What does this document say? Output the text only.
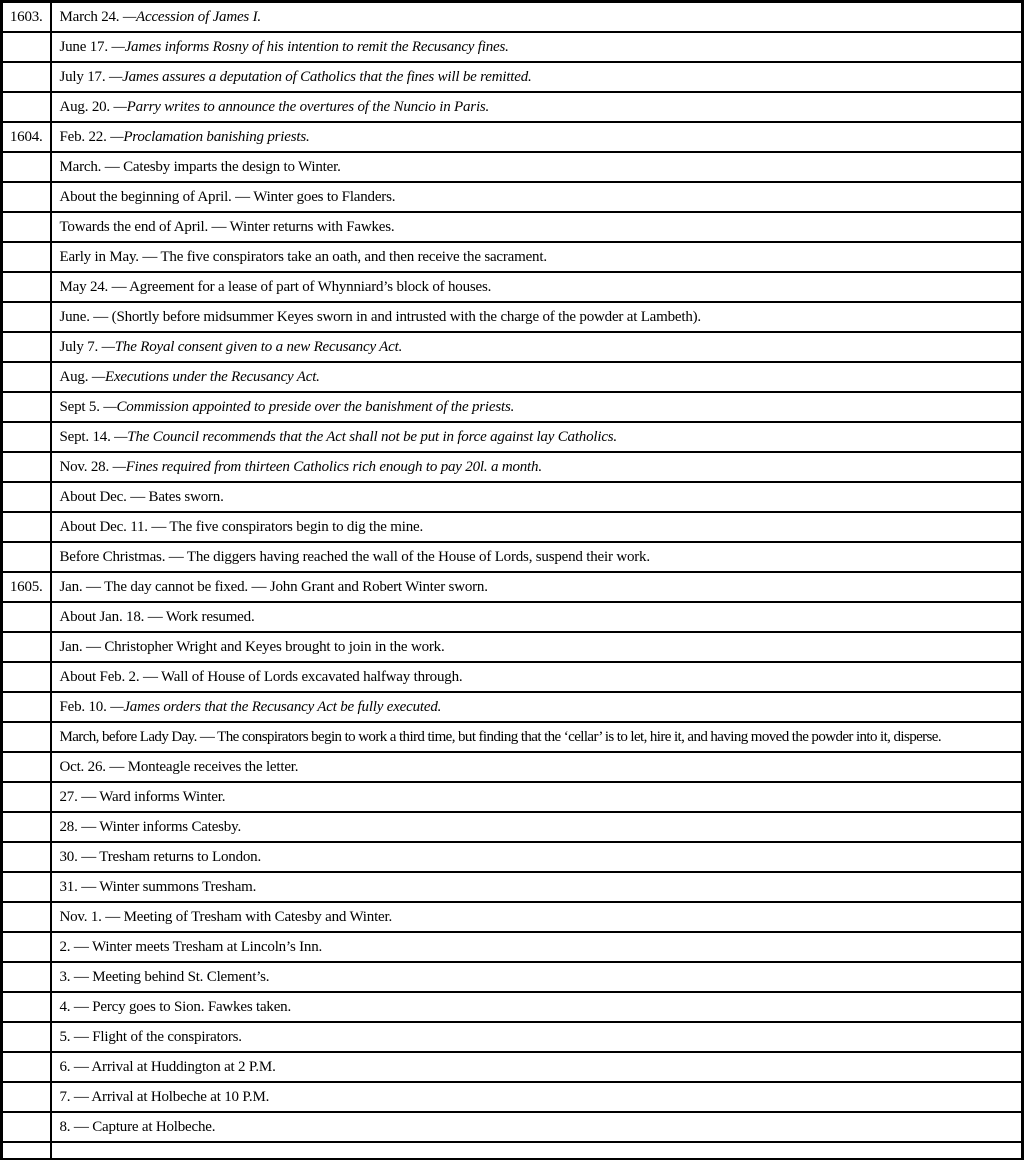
1603.	March 24. —Accession of James I.
	June 17. —James informs Rosny of his intention to remit the Recusancy fines.
	July 17. —James assures a deputation of Catholics that the fines will be remitted.
	Aug. 20. —Parry writes to announce the overtures of the Nuncio in Paris.
1604.	Feb. 22. —Proclamation banishing priests.
	March. — Catesby imparts the design to Winter.
	About the beginning of April. — Winter goes to Flanders.
	Towards the end of April. — Winter returns with Fawkes.
	Early in May. — The five conspirators take an oath, and then receive the sacrament.
	May 24. — Agreement for a lease of part of Whynniard’s block of houses.
	June. — (Shortly before midsummer Keyes sworn in and intrusted with the charge of the powder at Lambeth).
	July 7. —The Royal consent given to a new Recusancy Act.
	Aug. —Executions under the Recusancy Act.
	Sept 5. —Commission appointed to preside over the banishment of the priests.
	Sept. 14. —The Council recommends that the Act shall not be put in force against lay Catholics.
	Nov. 28. —Fines required from thirteen Catholics rich enough to pay 20l. a month.
	About Dec. — Bates sworn.
	About Dec. 11. — The five conspirators begin to dig the mine.
	Before Christmas. — The diggers having reached the wall of the House of Lords, suspend their work.
1605.	Jan. — The day cannot be fixed. — John Grant and Robert Winter sworn.
	About Jan. 18. — Work resumed.
	Jan. — Christopher Wright and Keyes brought to join in the work.
	About Feb. 2. — Wall of House of Lords excavated halfway through.
	Feb. 10. —James orders that the Recusancy Act be fully executed.
	March, before Lady Day. — The conspirators begin to work a third time, but finding that the ‘cellar’ is to let, hire it, and having moved the powder into it, disperse.
	Oct. 26. — Monteagle receives the letter.
	27. — Ward informs Winter.
	28. — Winter informs Catesby.
	30. — Tresham returns to London.
	31. — Winter summons Tresham.
	Nov. 1. — Meeting of Tresham with Catesby and Winter.
	2. — Winter meets Tresham at Lincoln’s Inn.
	3. — Meeting behind St. Clement’s.
	4. — Percy goes to Sion. Fawkes taken.
	5. — Flight of the conspirators.
	6. — Arrival at Huddington at 2 P.M.
	7. — Arrival at Holbeche at 10 P.M.
	8. — Capture at Holbeche.
